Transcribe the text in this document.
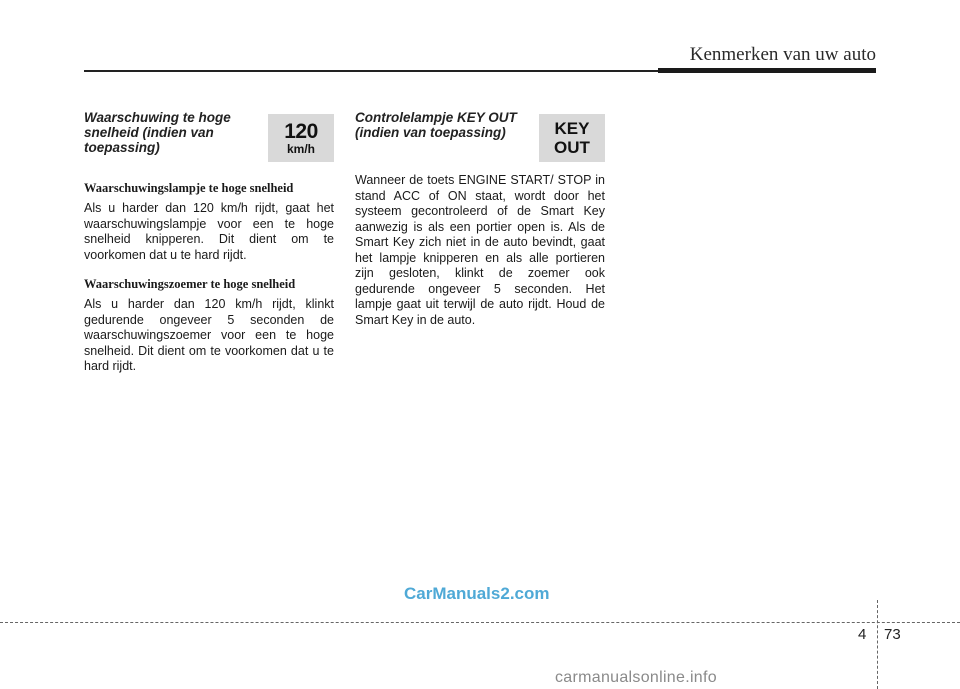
Kenmerken van uw auto
Waarschuwing te hoge snelheid (indien van toepassing)
120
km/h
Waarschuwingslampje te hoge snelheid

Als u harder dan 120 km/h rijdt, gaat het waarschuwingslampje voor een te hoge snelheid knipperen. Dit dient om te voorkomen dat u te hard rijdt.

Waarschuwingszoemer te hoge snelheid

Als u harder dan 120 km/h rijdt, klinkt gedurende ongeveer 5 seconden de waarschuwingszoemer voor een te hoge snelheid. Dit dient om te voorkomen dat u te hard rijdt.

Controlelampje KEY OUT (indien van toepassing)	KEY
OUT

Wanneer de toets ENGINE START/ STOP in stand ACC of ON staat, wordt door het systeem gecontroleerd of de Smart Key aanwezig is als een portier open is. Als de Smart Key zich niet in de auto bevindt, gaat het lampje knipperen en als alle portieren zijn gesloten, klinkt de zoemer ook gedurende ongeveer 5 seconden. Het lampje gaat uit terwijl de auto rijdt. Houd de Smart Key in de auto.

CarManuals2.com
4 73
carmanualsonline.info
